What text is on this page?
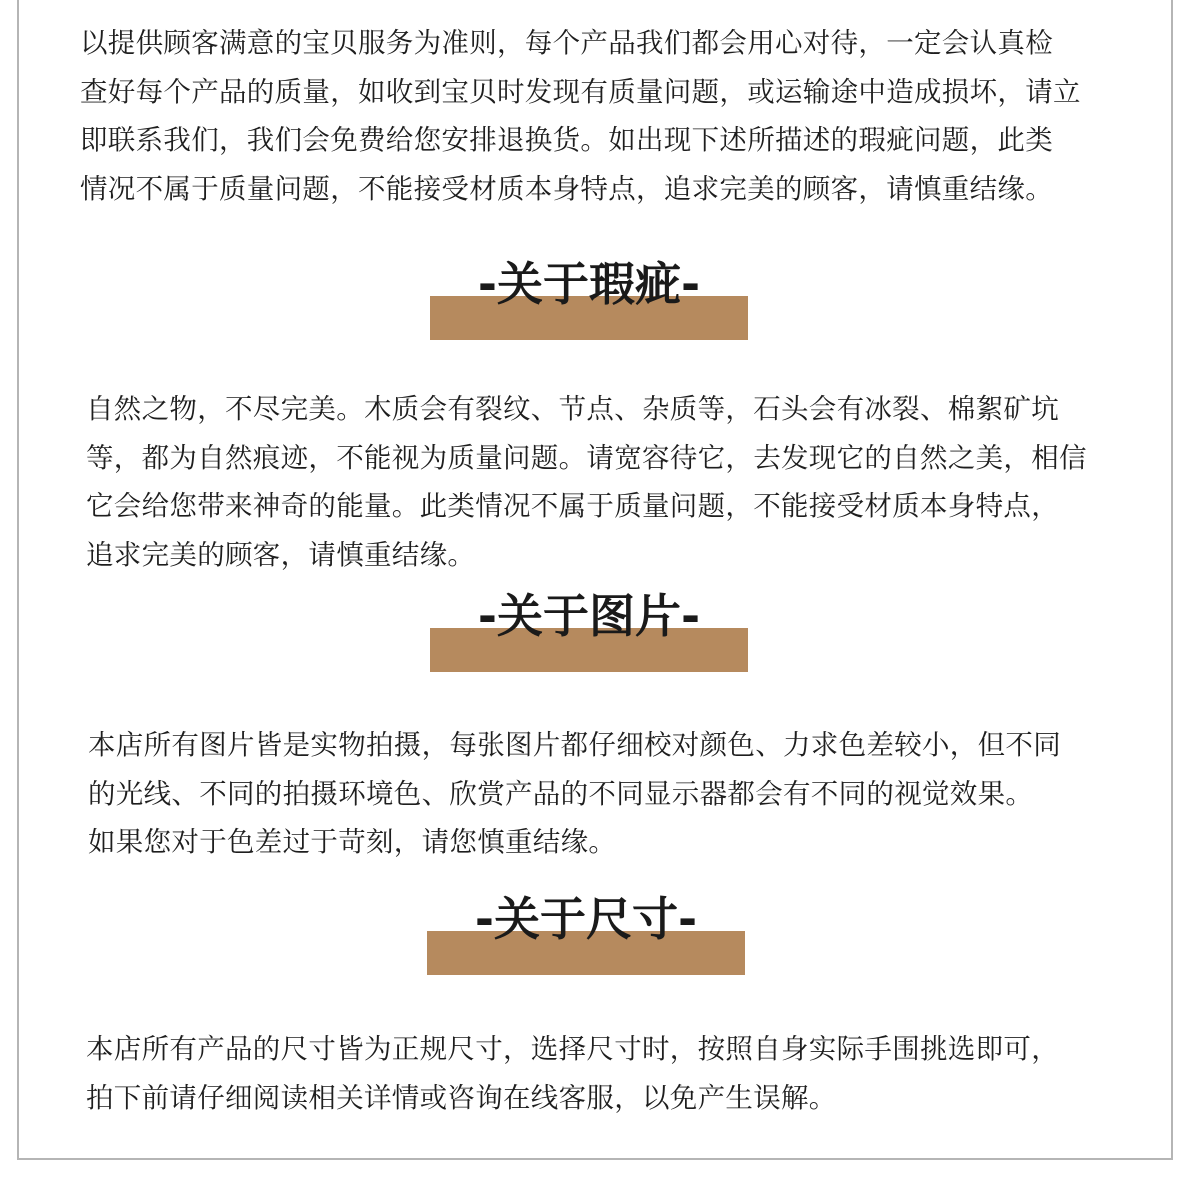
以提供顾客满意的宝贝服务为准则，每个产品我们都会用心对待，一定会认真检
查好每个产品的质量，如收到宝贝时发现有质量问题，或运输途中造成损坏，请立
即联系我们，我们会免费给您安排退换货。如出现下述所描述的瑕疵问题，此类
情况不属于质量问题，不能接受材质本身特点，追求完美的顾客，请慎重结缘。
-关于瑕疵-
自然之物，不尽完美。木质会有裂纹、节点、杂质等，石头会有冰裂、棉絮矿坑
等，都为自然痕迹，不能视为质量问题。请宽容待它，去发现它的自然之美，相信
它会给您带来神奇的能量。此类情况不属于质量问题，不能接受材质本身特点，
追求完美的顾客，请慎重结缘。
-关于图片-
本店所有图片皆是实物拍摄，每张图片都仔细校对颜色、力求色差较小，但不同
的光线、不同的拍摄环境色、欣赏产品的不同显示器都会有不同的视觉效果。
如果您对于色差过于苛刻，请您慎重结缘。
-关于尺寸-
本店所有产品的尺寸皆为正规尺寸，选择尺寸时，按照自身实际手围挑选即可，
拍下前请仔细阅读相关详情或咨询在线客服，以免产生误解。
